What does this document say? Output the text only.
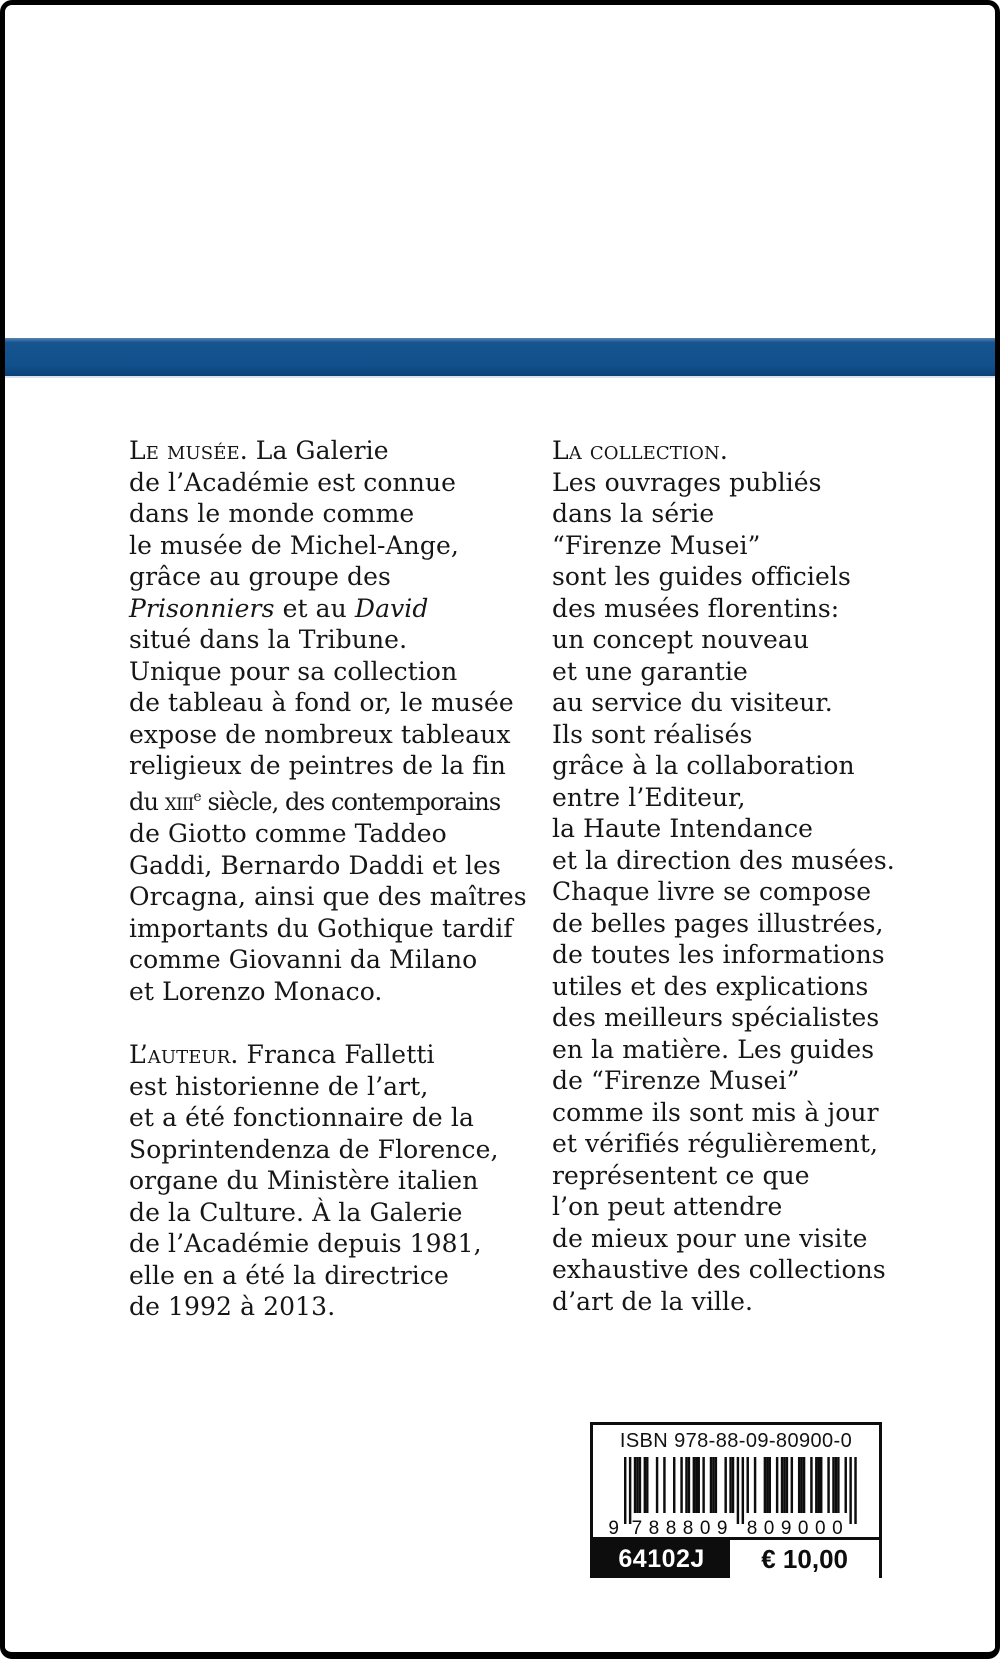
Le musée. La Galerie
de l’Académie est connue
dans le monde comme
le musée de Michel-Ange,
grâce au groupe des
Prisonniers et au David
situé dans la Tribune.
Unique pour sa collection
de tableau à fond or, le musée
expose de nombreux tableaux
religieux de peintres de la fin
du xiii$^e$ siècle, des contemporains
de Giotto comme Taddeo
Gaddi, Bernardo Daddi et les
Orcagna, ainsi que des maîtres
importants du Gothique tardif
comme Giovanni da Milano
et Lorenzo Monaco.
L’auteur. Franca Falletti
est historienne de l’art,
et a été fonctionnaire de la
Soprintendenza de Florence,
organe du Ministère italien
de la Culture. À la Galerie
de l’Académie depuis 1981,
elle en a été la directrice
de 1992 à 2013.
La collection.
Les ouvrages publiés
dans la série
“Firenze Musei”
sont les guides officiels
des musées florentins:
un concept nouveau
et une garantie
au service du visiteur.
Ils sont réalisés
grâce à la collaboration
entre l’Editeur,
la Haute Intendance
et la direction des musées.
Chaque livre se compose
de belles pages illustrées,
de toutes les informations
utiles et des explications
des meilleurs spécialistes
en la matière. Les guides
de “Firenze Musei”
comme ils sont mis à jour
et vérifiés régulièrement,
représentent ce que
l’on peut attendre
de mieux pour une visite
exhaustive des collections
d’art de la ville.
ISBN 978-88-09-80900-0
9 788809 809000
64102J	€ 10,00
